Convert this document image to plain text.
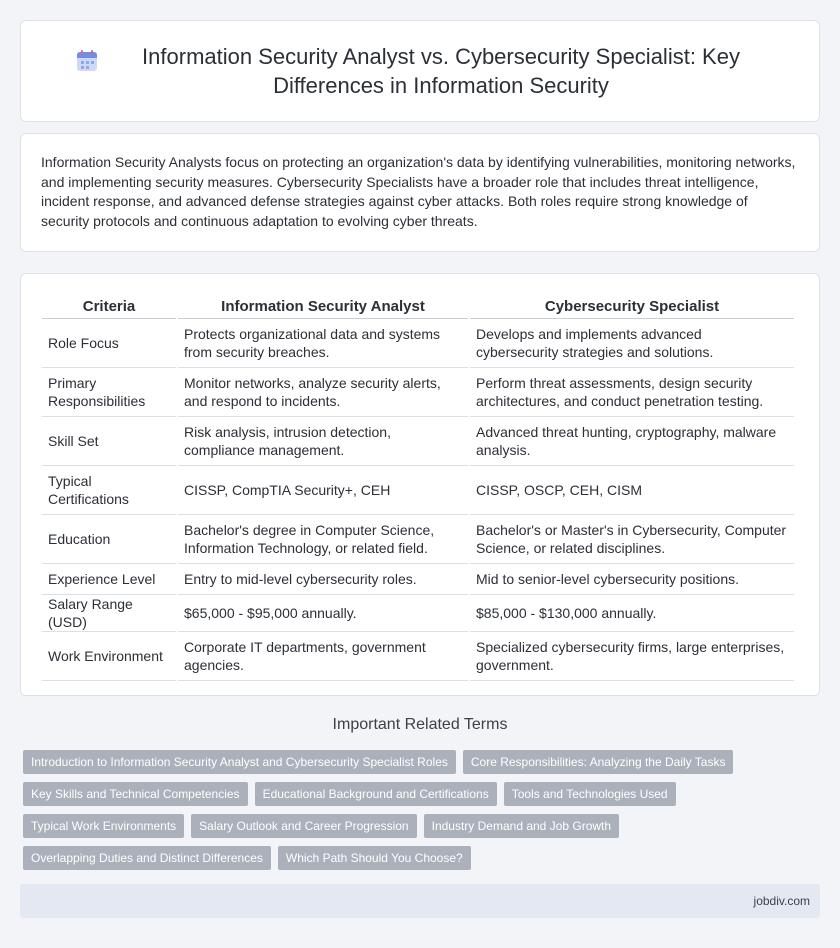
Information Security Analyst vs. Cybersecurity Specialist: Key Differences in Information Security

Information Security Analysts focus on protecting an organization's data by identifying vulnerabilities, monitoring networks, and implementing security measures. Cybersecurity Specialists have a broader role that includes threat intelligence, incident response, and advanced defense strategies against cyber attacks. Both roles require strong knowledge of security protocols and continuous adaptation to evolving cyber threats.

Criteria	Information Security Analyst	Cybersecurity Specialist
Role Focus	Protects organizational data and systems from security breaches.	Develops and implements advanced cybersecurity strategies and solutions.
Primary Responsibilities	Monitor networks, analyze security alerts, and respond to incidents.	Perform threat assessments, design security architectures, and conduct penetration testing.
Skill Set	Risk analysis, intrusion detection, compliance management.	Advanced threat hunting, cryptography, malware analysis.
Typical Certifications	CISSP, CompTIA Security+, CEH	CISSP, OSCP, CEH, CISM
Education	Bachelor's degree in Computer Science, Information Technology, or related field.	Bachelor's or Master's in Cybersecurity, Computer Science, or related disciplines.
Experience Level	Entry to mid-level cybersecurity roles.	Mid to senior-level cybersecurity positions.
Salary Range (USD)	$65,000 - $95,000 annually.	$85,000 - $130,000 annually.
Work Environment	Corporate IT departments, government agencies.	Specialized cybersecurity firms, large enterprises, government.
Important Related Terms
Introduction to Information Security Analyst and Cybersecurity Specialist Roles	Core Responsibilities: Analyzing the Daily Tasks
Key Skills and Technical Competencies	Educational Background and Certifications	Tools and Technologies Used
Typical Work Environments	Salary Outlook and Career Progression	Industry Demand and Job Growth
Overlapping Duties and Distinct Differences	Which Path Should You Choose?
jobdiv.com
